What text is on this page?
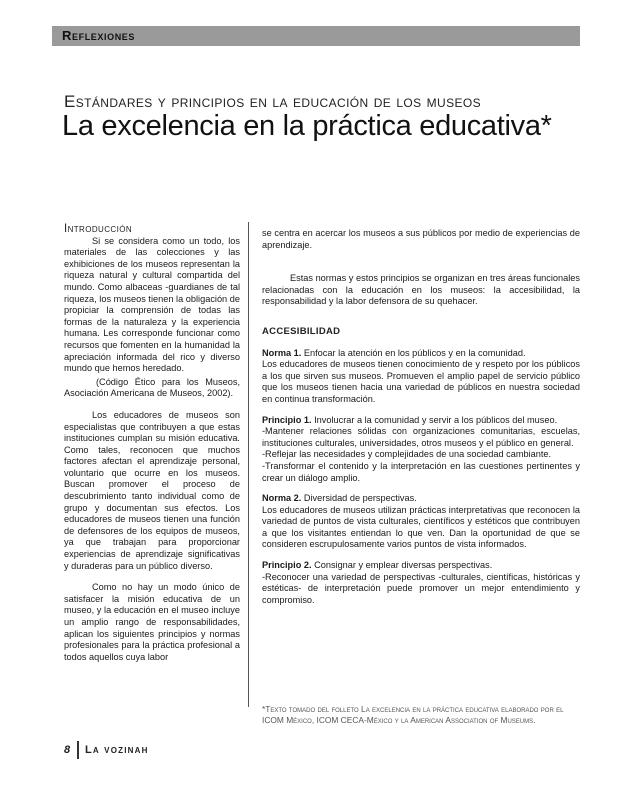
Reflexiones
Estándares y principios en la educación de los museos
La excelencia en la práctica educativa*

Introducción

Si se considera como un todo, los materiales de las colecciones y las exhibiciones de los museos representan la riqueza natural y cultural compartida del mundo. Como albaceas -guardianes de tal riqueza, los museos tienen la obligación de propiciar la comprensión de todas las formas de la naturaleza y la experiencia humana. Les corresponde funcionar como recursos que fomenten en la humanidad la apreciación informada del rico y diverso mundo que hemos heredado.

(Código Ético para los Museos, Asociación Americana de Museos, 2002).

Los educadores de museos son especialistas que contribuyen a que estas instituciones cumplan su misión educativa. Como tales, reconocen que muchos factores afectan el aprendizaje personal, voluntario que ocurre en los museos. Buscan promover el proceso de descubrimiento tanto individual como de grupo y documentan sus efectos. Los educadores de museos tienen una función de defensores de los equipos de museos, ya que trabajan para proporcionar experiencias de aprendizaje significativas y duraderas para un público diverso.

Como no hay un modo único de satisfacer la misión educativa de un museo, y la educación en el museo incluye un amplio rango de responsabilidades, aplican los siguientes principios y normas profesionales para la práctica profesional a todos aquellos cuya labor

se centra en acercar los museos a sus públicos por medio de experiencias de aprendizaje.

Estas normas y estos principios se organizan en tres áreas funcionales relacionadas con la educación en los museos: la accesibilidad, la responsabilidad y la labor defensora de su quehacer.

ACCESIBILIDAD

Norma 1. Enfocar la atención en los públicos y en la comunidad.

Los educadores de museos tienen conocimiento de y respeto por los públicos a los que sirven sus museos. Promueven el amplio papel de servicio público que los museos tienen hacia una variedad de públicos en nuestra sociedad en continua transformación.

Principio 1. Involucrar a la comunidad y servir a los públicos del museo.

-Mantener relaciones sólidas con organizaciones comunitarias, escuelas, instituciones culturales, universidades, otros museos y el público en general.

-Reflejar las necesidades y complejidades de una sociedad cambiante.

-Transformar el contenido y la interpretación en las cuestiones pertinentes y crear un diálogo amplio.

Norma 2. Diversidad de perspectivas.

Los educadores de museos utilizan prácticas interpretativas que reconocen la variedad de puntos de vista culturales, científicos y estéticos que contribuyen a que los visitantes entiendan lo que ven. Dan la oportunidad de que se consideren escrupulosamente varios puntos de vista informados.

Principio 2. Consignar y emplear diversas perspectivas.

-Reconocer una variedad de perspectivas -culturales, científicas, históricas y estéticas- de interpretación puede promover un mejor entendimiento y compromiso.

*Texto tomado del folleto La excelencia en la práctica educativa elaborado por el ICOM México, ICOM CECA-México y la American Association of Museums.
8 La vozinah
